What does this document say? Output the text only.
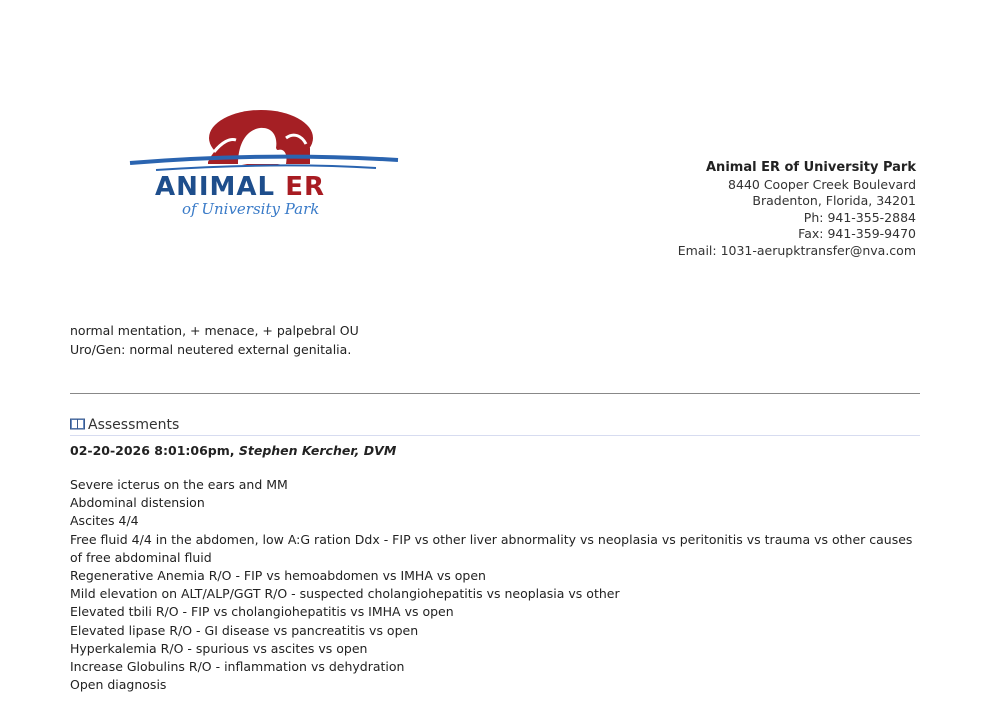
ANIMAL ER
of University Park
Animal ER of University Park
8440 Cooper Creek Boulevard
Bradenton, Florida, 34201
Ph: 941-355-2884
Fax: 941-359-9470
Email: 1031-aerupktransfer@nva.com
normal mentation, + menace, + palpebral OU
Uro/Gen: normal neutered external genitalia.
Assessments
02-20-2026 8:01:06pm, Stephen Kercher, DVM
Severe icterus on the ears and MM
Abdominal distension
Ascites 4/4
Free fluid 4/4 in the abdomen, low A:G ration Ddx - FIP vs other liver abnormality vs neoplasia vs peritonitis vs trauma vs other causes of free abdominal fluid
Regenerative Anemia R/O - FIP vs hemoabdomen vs IMHA vs open
Mild elevation on ALT/ALP/GGT R/O - suspected cholangiohepatitis vs neoplasia vs other
Elevated tbili R/O - FIP vs cholangiohepatitis vs IMHA vs open
Elevated lipase R/O - GI disease vs pancreatitis vs open
Hyperkalemia R/O - spurious vs ascites vs open
Increase Globulins R/O - inflammation vs dehydration
Open diagnosis
